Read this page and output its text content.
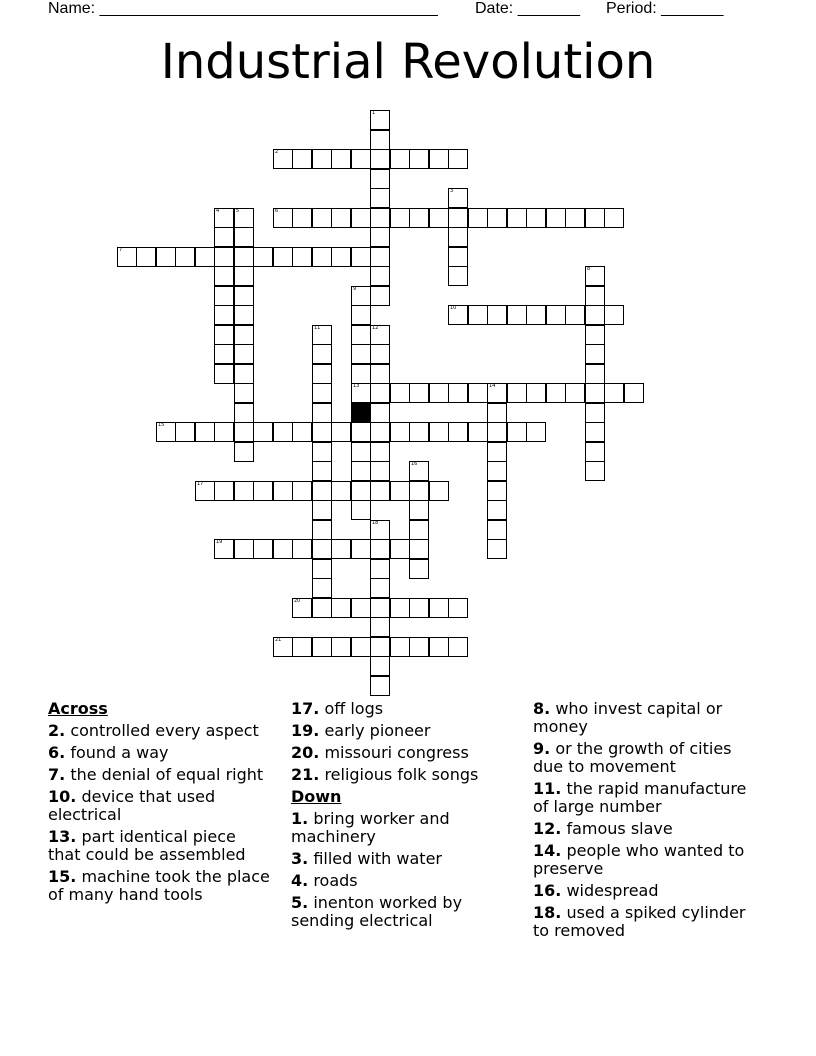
Name: ______________________________________ Date: _______ Period: _______
Industrial Revolution
1
2
3
4	5	6
7
8
9
10
11	12
13	14
15
16
17
18
19
20
21
Across
2. controlled every aspect
6. found a way
7. the denial of equal right
10. device that used electrical
13. part identical piece that could be assembled
15. machine took the place of many hand tools
17. off logs
19. early pioneer
20. missouri congress
21. religious folk songs
Down
1. bring worker and machinery
3. filled with water
4. roads
5. inenton worked by sending electrical
8. who invest capital or money
9. or the growth of cities due to movement
11. the rapid manufacture of large number
12. famous slave
14. people who wanted to preserve
16. widespread
18. used a spiked cylinder to removed
